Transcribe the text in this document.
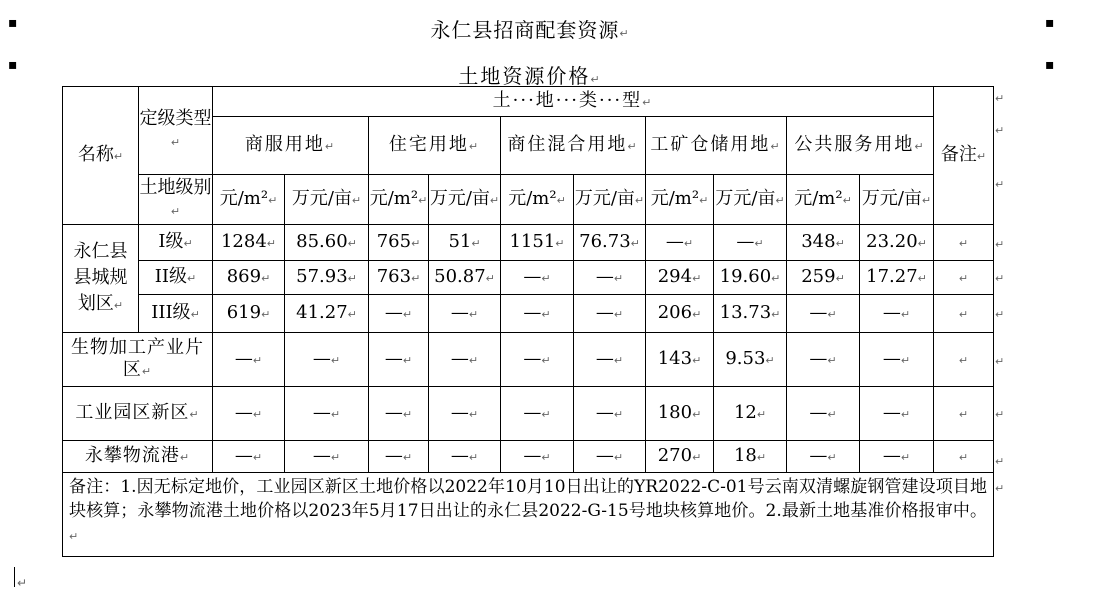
▪
▪
▪
▪
永仁县招商配套资源↵
土地资源价格↵
名称↵	定级类型↵	土···地···类···型↵										备注↵
		商服用地↵		住宅用地↵		商住混合用地↵		工矿仓储用地↵		公共服务用地↵		
	土地级别↵	元/m²↵	万元/亩↵	元/m²↵	万元/亩↵	元/m²↵	万元/亩↵	元/m²↵	万元/亩↵	元/m²↵	万元/亩↵	
永仁县县城规划区↵	I级↵	1284↵	85.60↵	765↵	51↵	1151↵	76.73↵	—↵	—↵	348↵	23.20↵	↵
	II级↵	869↵	57.93↵	763↵	50.87↵	—↵	—↵	294↵	19.60↵	259↵	17.27↵	↵
	III级↵	619↵	41.27↵	—↵	—↵	—↵	—↵	206↵	13.73↵	—↵	—↵	↵
生物加工产业片区↵		—↵	—↵	—↵	—↵	—↵	—↵	143↵	9.53↵	—↵	—↵	↵
工业园区新区↵		—↵	—↵	—↵	—↵	—↵	—↵	180↵	12↵	—↵	—↵	↵
永攀物流港↵		—↵	—↵	—↵	—↵	—↵	—↵	270↵	18↵	—↵	—↵	↵
备注：1.因无标定地价，工业园区新区土地价格以2022年10月10日出让的YR2022-C-01号云南双清螺旋钢管建设项目地块核算；永攀物流港土地价格以2023年5月17日出让的永仁县2022-G-15号地块核算地价。2.最新土地基准价格报审中。↵												
↵
↵
↵
↵
↵
↵
↵
↵
↵
↵
↵
